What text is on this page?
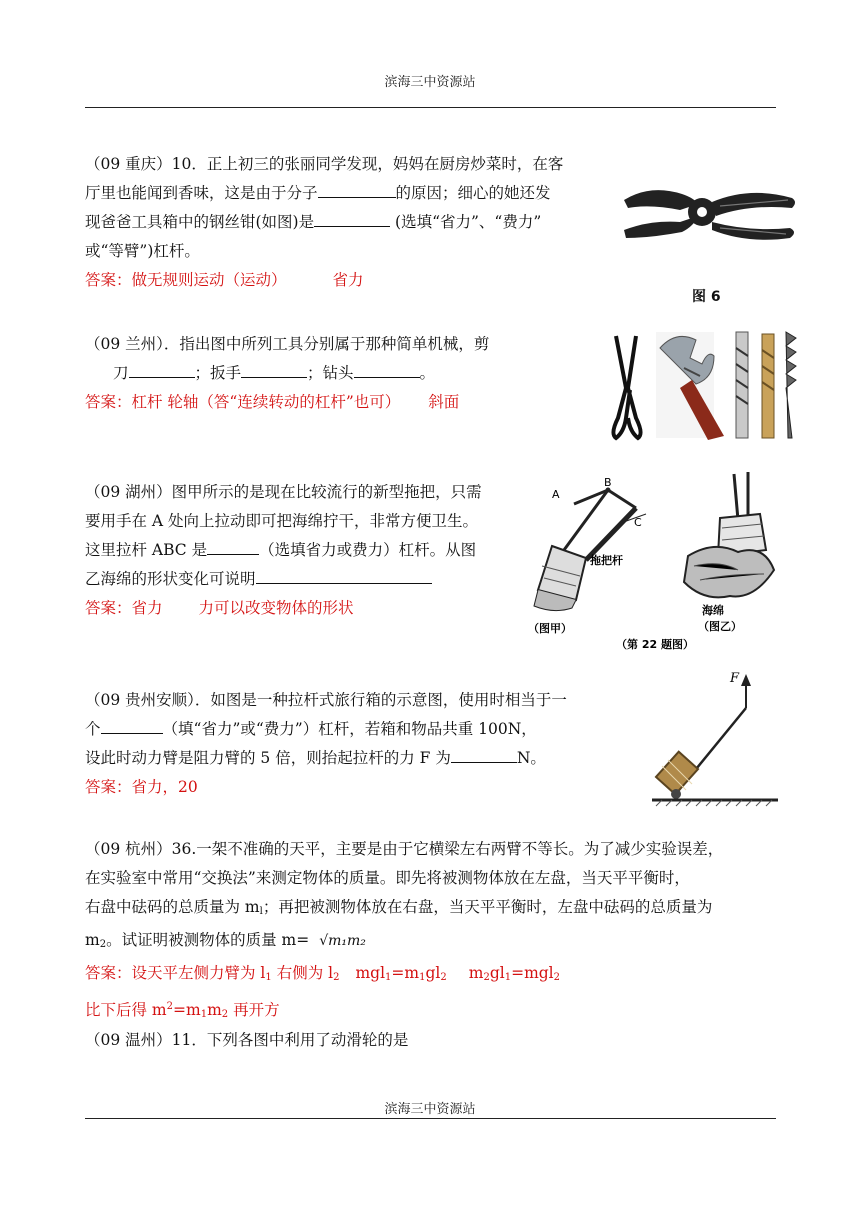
滨海三中资源站
（09 重庆）10．正上初三的张丽同学发现，妈妈在厨房炒菜时，在客
厅里也能闻到香味，这是由于分子	的原因；细心的她还发
现爸爸工具箱中的钢丝钳(如图)是	(选填“省力”、“费力”
或“等臂”)杠杆。
答案：做无规则运动（运动）	省力
图 6
（09 兰州）．指出图中所列工具分别属于那种简单机械，剪
刀	；扳手	；钻头	。
答案：杠杆 轮轴（答“连续转动的杠杆”也可） 斜面
（09 湖州）图甲所示的是现在比较流行的新型拖把，只需
要用手在 A 处向上拉动即可把海绵拧干，非常方便卫生。
这里拉杆 ABC 是	（选填省力或费力）杠杆。从图
乙海绵的形状变化可说明
答案：省力 力可以改变物体的形状
A
B
C
拖把杆
海绵
（图乙）
（图甲）
（第 22 题图）
（09 贵州安顺）．如图是一种拉杆式旅行箱的示意图，使用时相当于一
个	（填“省力”或“费力”）杠杆，若箱和物品共重 100N，
设此时动力臂是阻力臂的 5 倍，则抬起拉杆的力 F 为	N。
答案：省力，20
F
（09 杭州）36.一架不准确的天平，主要是由于它横梁左右两臂不等长。为了减少实验误差，
在实验室中常用“交换法”来测定物体的质量。即先将被测物体放在左盘，当天平平衡时，
右盘中砝码的总质量为 $m_l$；再把被测物体放在右盘，当天平平衡时，左盘中砝码的总质量为
$m_2$。试证明被测物体的质量 m= √m₁m₂
答案：设天平左侧力臂为 $l_1$ 右侧为 $l_2$ $mgl_1=m_1gl_2$ $m_2gl_1=mgl_2$
比下后得 $m^2=m_1m_2$ 再开方
（09 温州）11．下列各图中利用了动滑轮的是
滨海三中资源站
